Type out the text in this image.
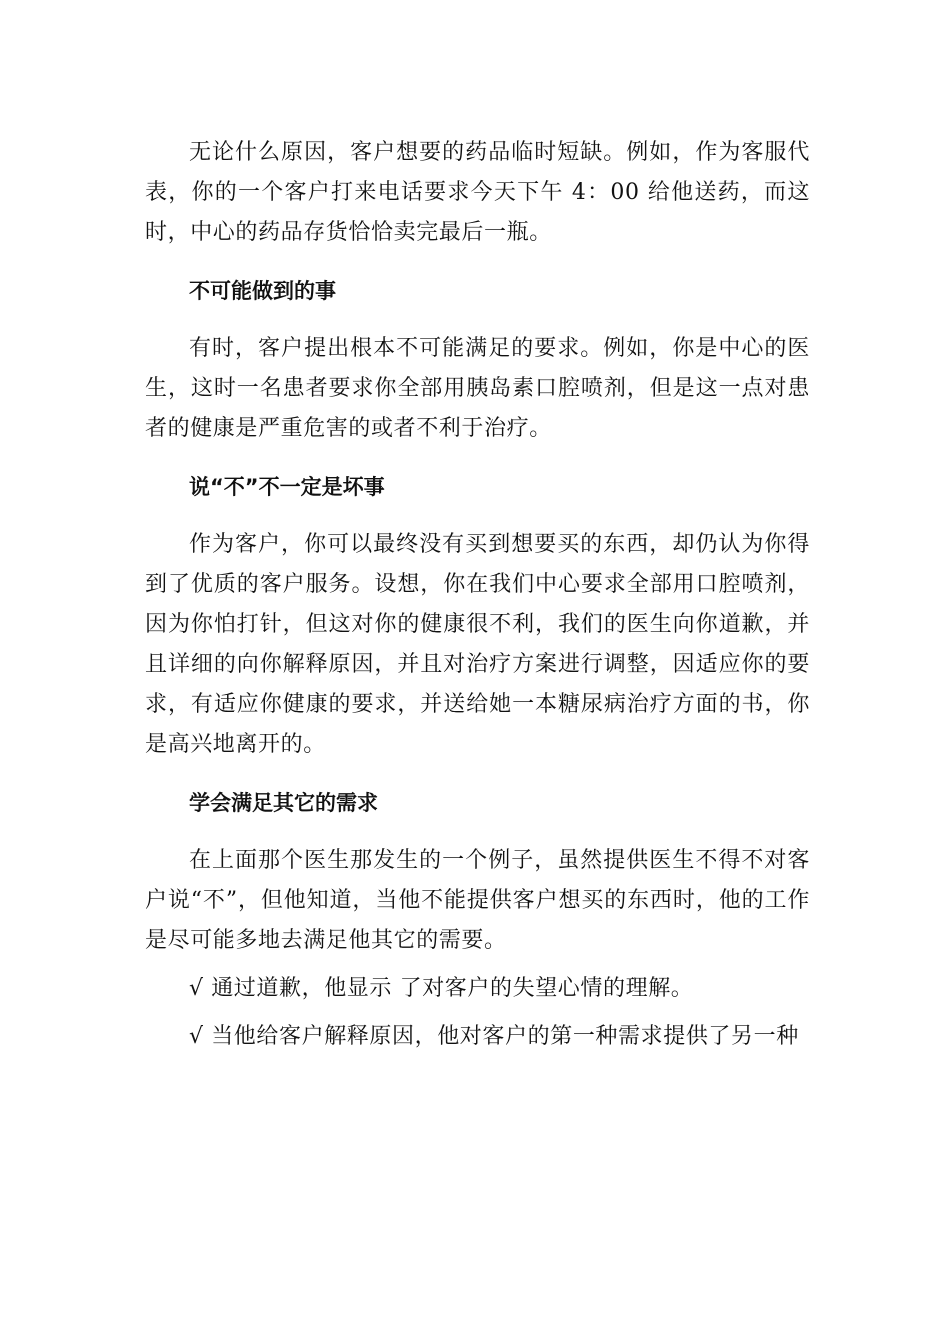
无论什么原因，客户想要的药品临时短缺。例如，作为客服代表，你的一个客户打来电话要求今天下午 4：00 给他送药，而这时，中心的药品存货恰恰卖完最后一瓶。

不可能做到的事

有时，客户提出根本不可能满足的要求。例如，你是中心的医生，这时一名患者要求你全部用胰岛素口腔喷剂，但是这一点对患者的健康是严重危害的或者不利于治疗。

说“不”不一定是坏事

作为客户，你可以最终没有买到想要买的东西，却仍认为你得到了优质的客户服务。设想，你在我们中心要求全部用口腔喷剂，因为你怕打针，但这对你的健康很不利，我们的医生向你道歉，并且详细的向你解释原因，并且对治疗方案进行调整，因适应你的要求，有适应你健康的要求，并送给她一本糖尿病治疗方面的书，你是高兴地离开的。

学会满足其它的需求

在上面那个医生那发生的一个例子，虽然提供医生不得不对客户说“不”，但他知道，当他不能提供客户想买的东西时，他的工作是尽可能多地去满足他其它的需要。

√ 通过道歉，他显示 了对客户的失望心情的理解。

√ 当他给客户解释原因，他对客户的第一种需求提供了另一种
